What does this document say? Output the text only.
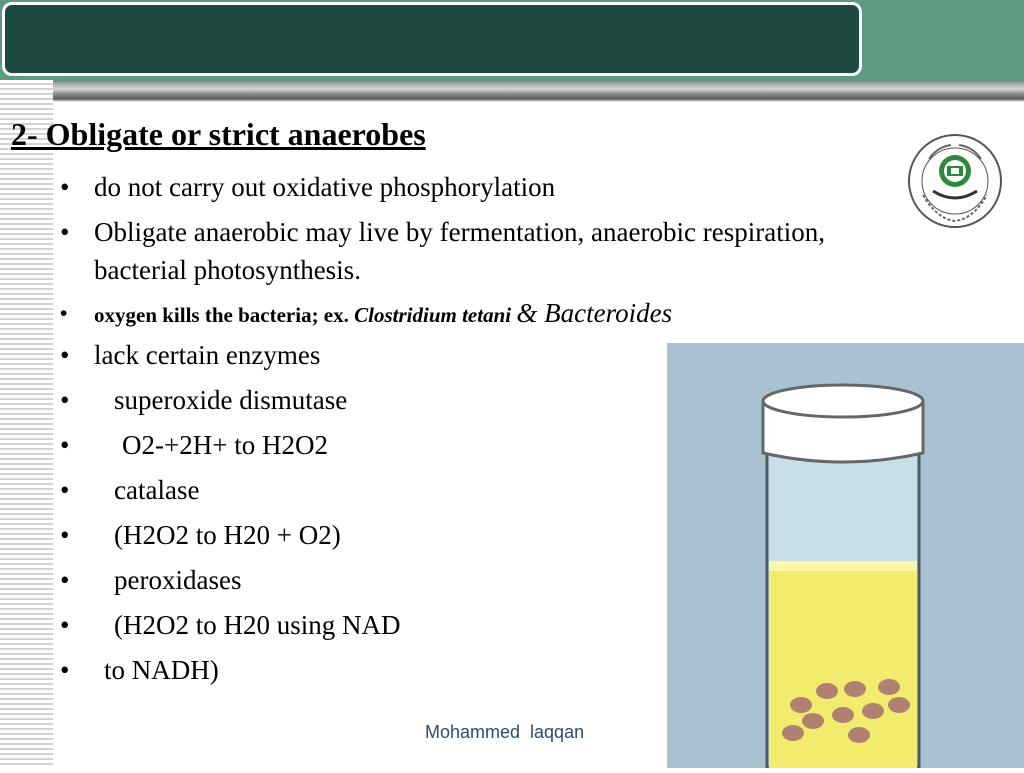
2- Obligate or strict anaerobes
• do not carry out oxidative phosphorylation
• Obligate anaerobic may live by fermentation, anaerobic respiration, bacterial photosynthesis.
• oxygen kills the bacteria; ex. Clostridium tetani & Bacteroides
• lack certain enzymes
• superoxide dismutase
• O2-+2H+ to H2O2
• catalase
• (H2O2 to H20 + O2)
• peroxidases
• (H2O2 to H20 using NAD
• to NADH)
Mohammed  laqqan
